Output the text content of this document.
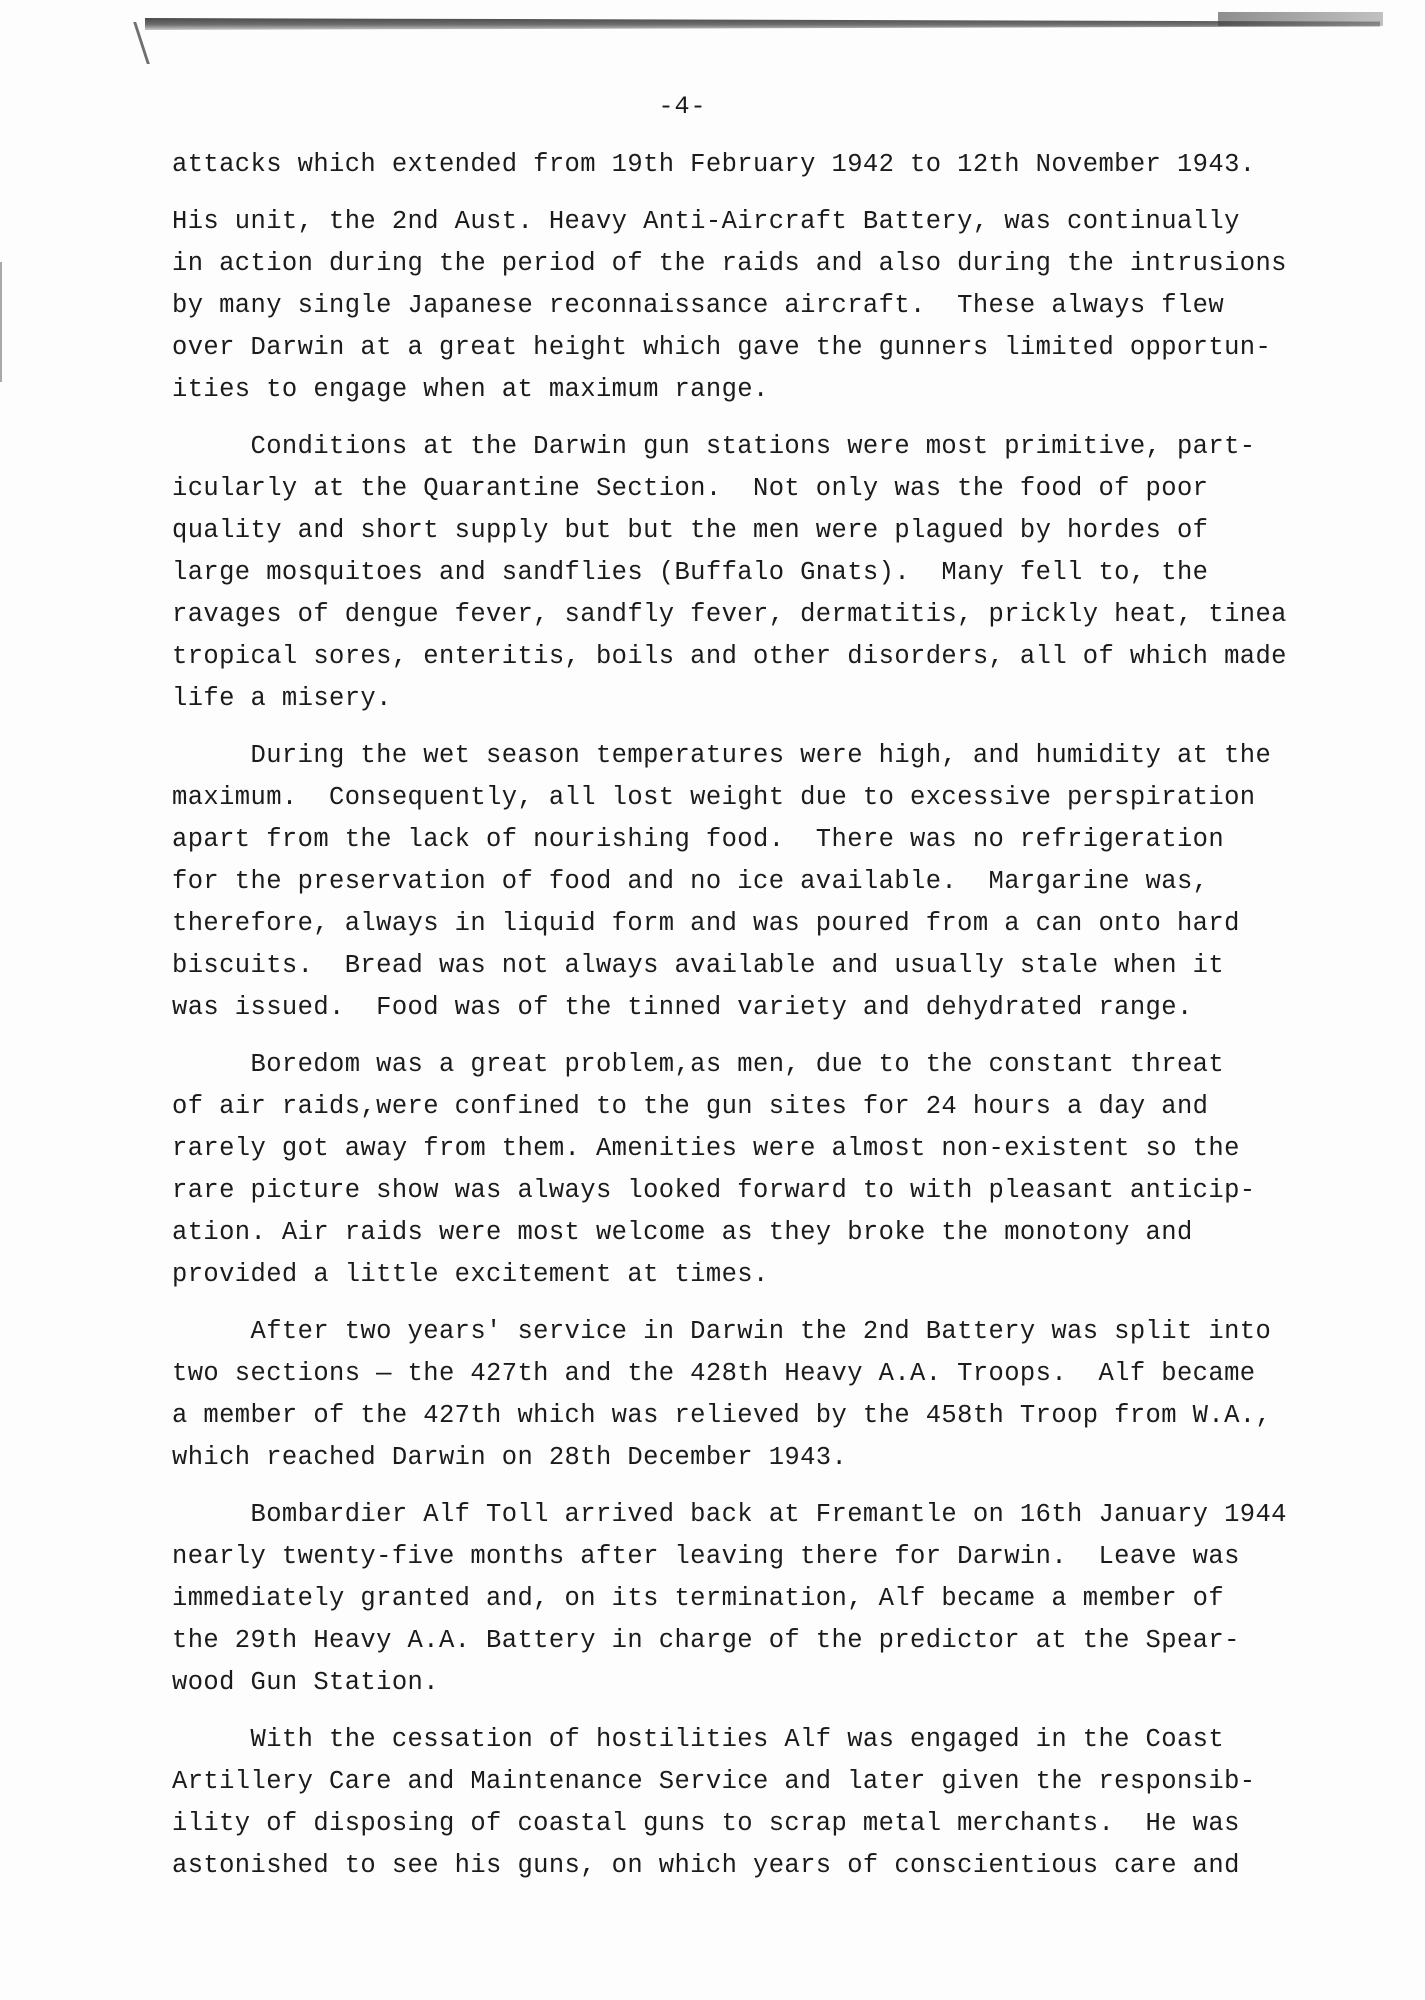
-4-
attacks which extended from 19th February 1942 to 12th November 1943.
His unit, the 2nd Aust. Heavy Anti-Aircraft Battery, was continually
in action during the period of the raids and also during the intrusions
by many single Japanese reconnaissance aircraft.  These always flew
over Darwin at a great height which gave the gunners limited opportun-
ities to engage when at maximum range.
Conditions at the Darwin gun stations were most primitive, part-
icularly at the Quarantine Section.  Not only was the food of poor
quality and short supply but but the men were plagued by hordes of
large mosquitoes and sandflies (Buffalo Gnats).  Many fell to, the
ravages of dengue fever, sandfly fever, dermatitis, prickly heat, tinea
tropical sores, enteritis, boils and other disorders, all of which made
life a misery.
During the wet season temperatures were high, and humidity at the
maximum.  Consequently, all lost weight due to excessive perspiration
apart from the lack of nourishing food.  There was no refrigeration
for the preservation of food and no ice available.  Margarine was,
therefore, always in liquid form and was poured from a can onto hard
biscuits.  Bread was not always available and usually stale when it
was issued.  Food was of the tinned variety and dehydrated range.
Boredom was a great problem,as men, due to the constant threat
of air raids,were confined to the gun sites for 24 hours a day and
rarely got away from them. Amenities were almost non-existent so the
rare picture show was always looked forward to with pleasant anticip-
ation. Air raids were most welcome as they broke the monotony and
provided a little excitement at times.
After two years' service in Darwin the 2nd Battery was split into
two sections — the 427th and the 428th Heavy A.A. Troops.  Alf became
a member of the 427th which was relieved by the 458th Troop from W.A.,
which reached Darwin on 28th December 1943.
Bombardier Alf Toll arrived back at Fremantle on 16th January 1944
nearly twenty-five months after leaving there for Darwin.  Leave was
immediately granted and, on its termination, Alf became a member of
the 29th Heavy A.A. Battery in charge of the predictor at the Spear-
wood Gun Station.
With the cessation of hostilities Alf was engaged in the Coast
Artillery Care and Maintenance Service and later given the responsib-
ility of disposing of coastal guns to scrap metal merchants.  He was
astonished to see his guns, on which years of conscientious care and
